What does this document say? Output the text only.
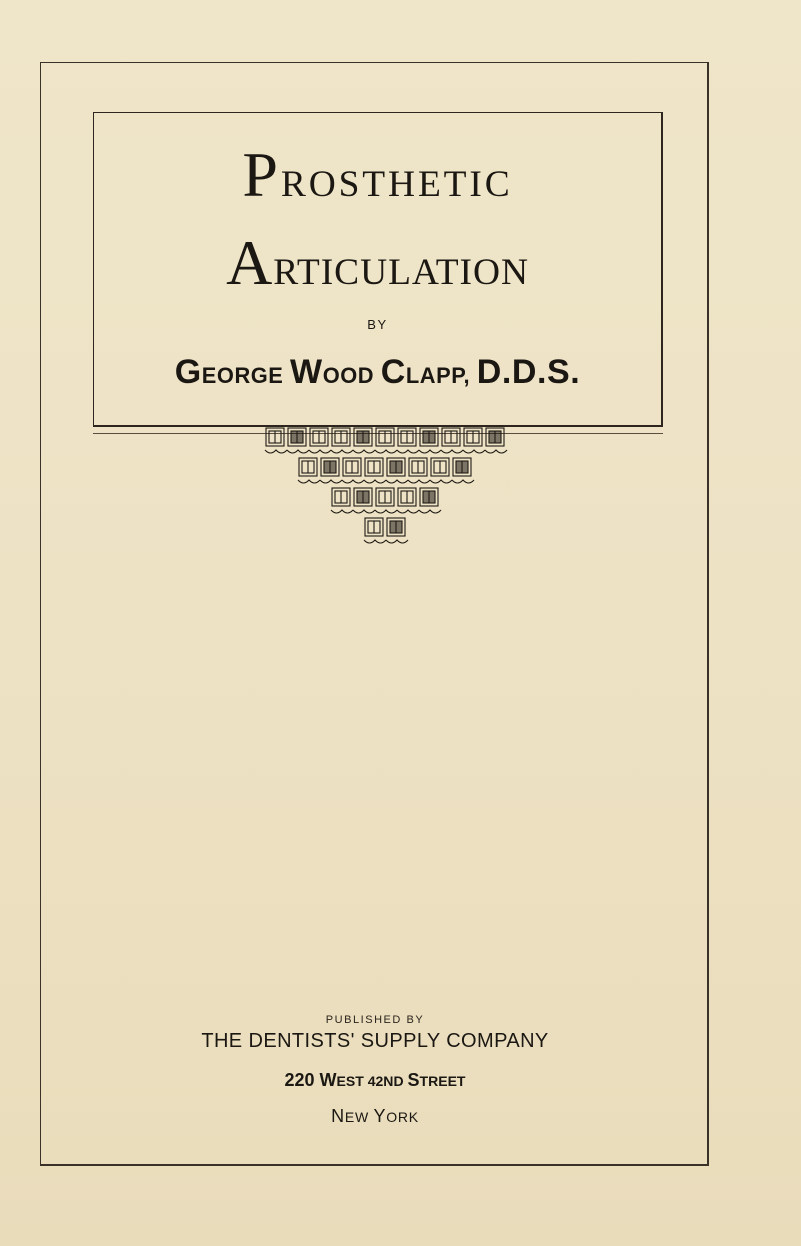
PROSTHETIC
ARTICULATION
BY
GEORGE WOOD CLAPP, D.D.S.
PUBLISHED BY
THE DENTISTS' SUPPLY COMPANY
220 WEST 42ND STREET
NEW YORK
